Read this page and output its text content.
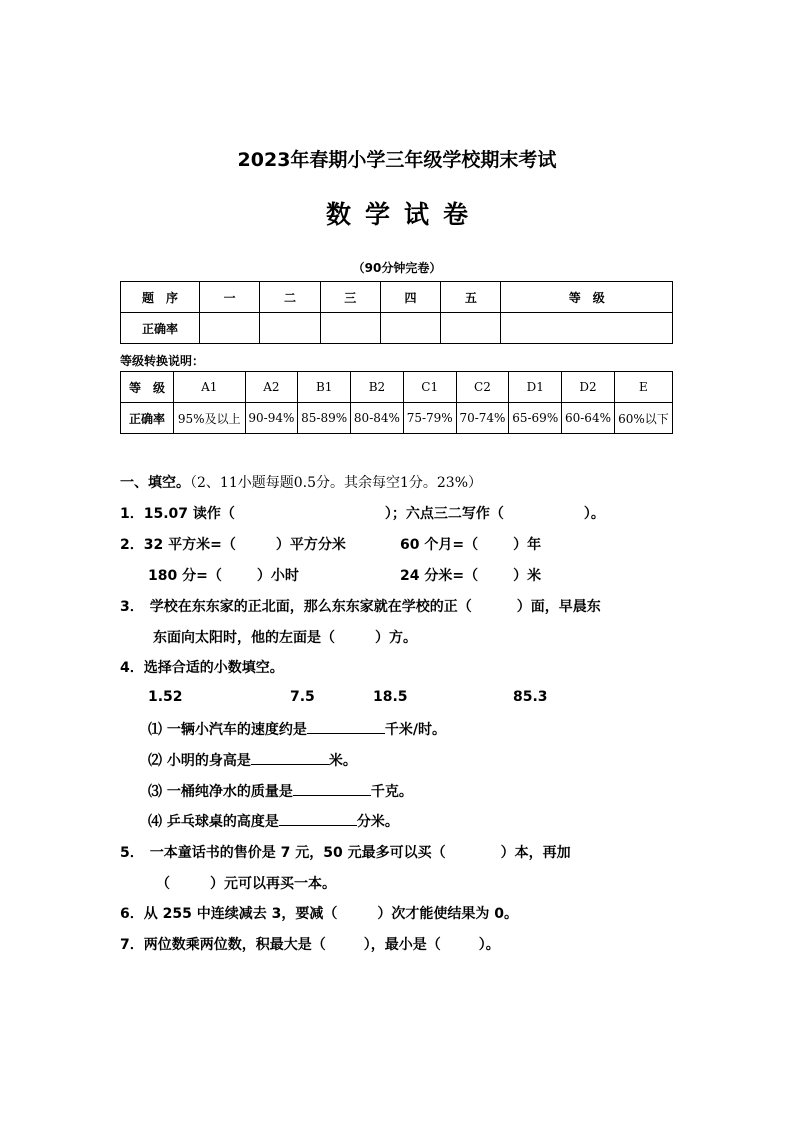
2023年春期小学三年级学校期末考试
数学试卷
（90分钟完卷）
题　序	一	二	三	四	五	等　级
正确率						
等级转换说明：
等　级	A1	A2	B1	B2	C1	C2	D1	D2	E
正确率	95%及以上	90-94%	85-89%	80-84%	75-79%	70-74%	65-69%	60-64%	60%以下
一、填空。（2、11小题每题0.5分。其余每空1分。23%）
1．15.07 读作（	）；六点三二写作（	）。
2．32 平方米=（	）平方分米	60 个月=（	）年
180 分=（	）小时	24 分米=（	）米
3． 学校在东东家的正北面，那么东东家就在学校的正（	）面，早晨东
东面向太阳时，他的左面是（	）方。
4．选择合适的小数填空。
1.52	7.5	18.5	85.3
⑴ 一辆小汽车的速度约是	千米/时。
⑵ 小明的身高是	米。
⑶ 一桶纯净水的质量是	千克。
⑷ 乒乓球桌的高度是	分米。
5． 一本童话书的售价是 7 元，50 元最多可以买（	）本，再加
（	）元可以再买一本。
6．从 255 中连续减去 3，要减（	）次才能使结果为 0。
7．两位数乘两位数，积最大是（	），最小是（	）。
